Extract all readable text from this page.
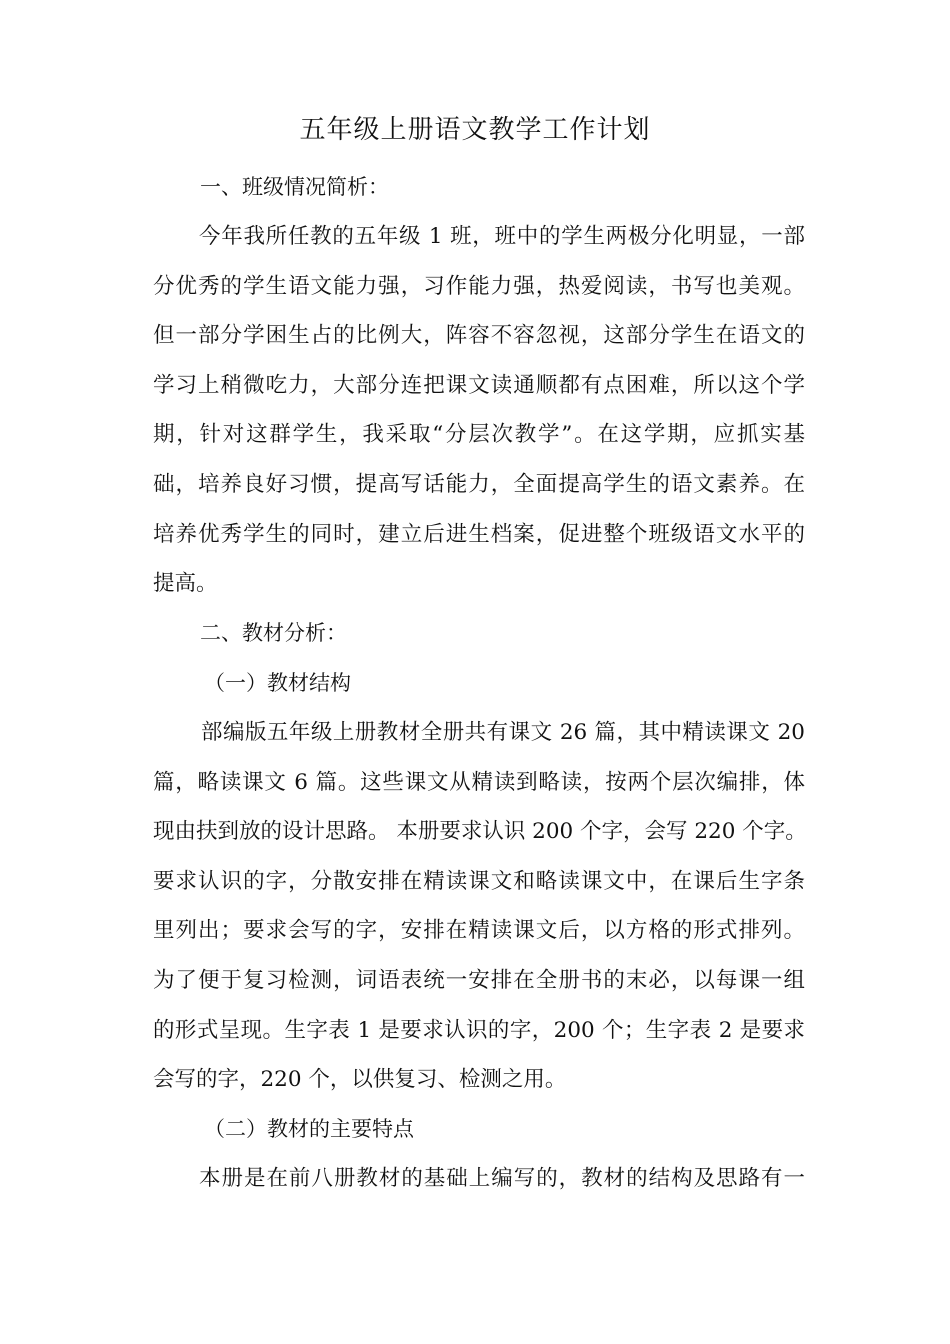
五年级上册语文教学工作计划
一、班级情况简析：
今年我所任教的五年级 1 班，班中的学生两极分化明显，一部
分优秀的学生语文能力强，习作能力强，热爱阅读，书写也美观。
但一部分学困生占的比例大，阵容不容忽视，这部分学生在语文的
学习上稍微吃力，大部分连把课文读通顺都有点困难，所以这个学
期，针对这群学生，我采取“分层次教学”。在这学期，应抓实基
础，培养良好习惯，提高写话能力，全面提高学生的语文素养。在
培养优秀学生的同时，建立后进生档案，促进整个班级语文水平的
提高。
二、教材分析：
（一）教材结构
部编版五年级上册教材全册共有课文 26 篇，其中精读课文 20
篇，略读课文 6 篇。这些课文从精读到略读，按两个层次编排，体
现由扶到放的设计思路。 本册要求认识 200 个字，会写 220 个字。
要求认识的字，分散安排在精读课文和略读课文中，在课后生字条
里列出；要求会写的字，安排在精读课文后，以方格的形式排列。
为了便于复习检测，词语表统一安排在全册书的末必，以每课一组
的形式呈现。生字表 1 是要求认识的字，200 个；生字表 2 是要求
会写的字，220 个，以供复习、检测之用。
（二）教材的主要特点
本册是在前八册教材的基础上编写的，教材的结构及思路有一
